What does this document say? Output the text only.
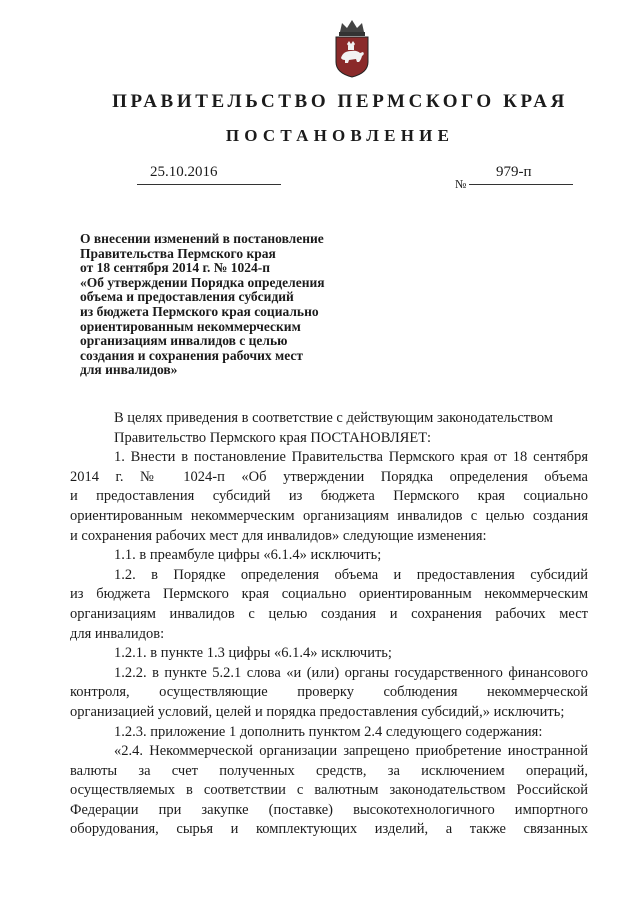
ПРАВИТЕЛЬСТВО ПЕРМСКОГО КРАЯ
ПОСТАНОВЛЕНИЕ
25.10.2016
№
979-п
О внесении изменений в постановление
Правительства Пермского края
от 18 сентября 2014 г. № 1024-п
«Об утверждении Порядка определения
объема и предоставления субсидий
из бюджета Пермского края социально
ориентированным некоммерческим
организациям инвалидов с целью
создания и сохранения рабочих мест
для инвалидов»
В целях приведения в соответствие с действующим законодательством
Правительство Пермского края ПОСТАНОВЛЯЕТ:
1. Внести в постановление Правительства Пермского края от 18 сентября
2014 г. № 1024-п «Об утверждении Порядка определения объема
и предоставления субсидий из бюджета Пермского края социально
ориентированным некоммерческим организациям инвалидов с целью создания
и сохранения рабочих мест для инвалидов» следующие изменения:
1.1. в преамбуле цифры «6.1.4» исключить;
1.2. в Порядке определения объема и предоставления субсидий
из бюджета Пермского края социально ориентированным некоммерческим
организациям инвалидов с целью создания и сохранения рабочих мест
для инвалидов:
1.2.1. в пункте 1.3 цифры «6.1.4» исключить;
1.2.2. в пункте 5.2.1 слова «и (или) органы государственного финансового
контроля, осуществляющие проверку соблюдения некоммерческой
организацией условий, целей и порядка предоставления субсидий,» исключить;
1.2.3. приложение 1 дополнить пунктом 2.4 следующего содержания:
«2.4. Некоммерческой организации запрещено приобретение иностранной
валюты за счет полученных средств, за исключением операций,
осуществляемых в соответствии с валютным законодательством Российской
Федерации при закупке (поставке) высокотехнологичного импортного
оборудования, сырья и комплектующих изделий, а также связанных
